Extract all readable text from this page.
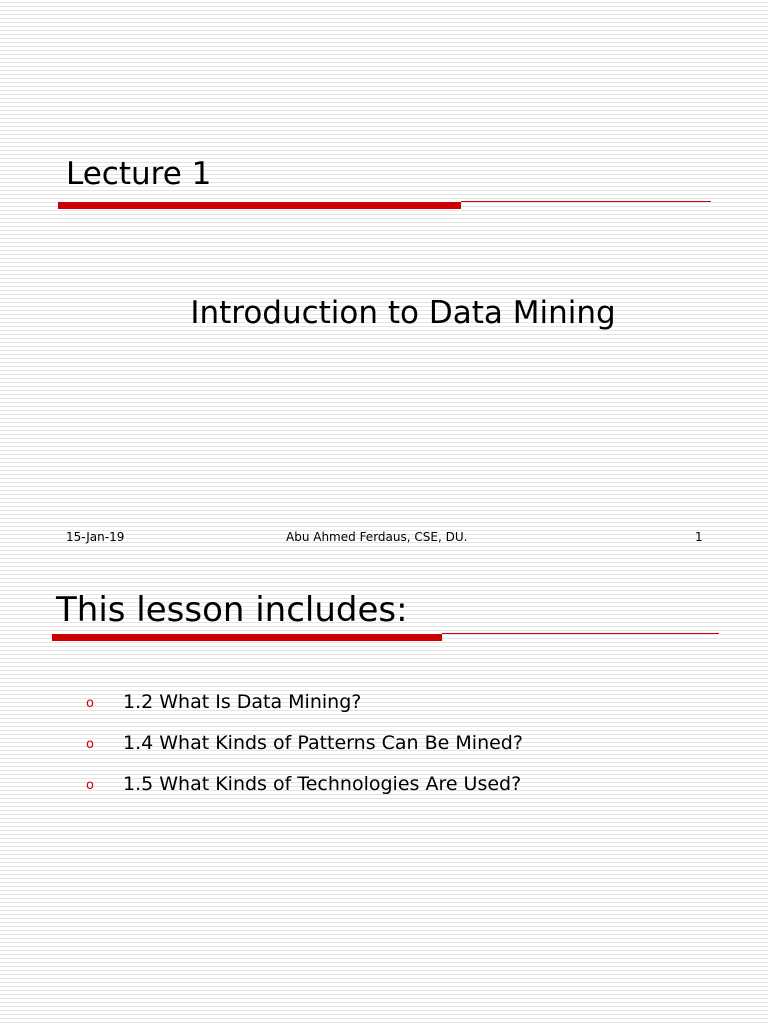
Lecture 1
Introduction to Data Mining
15-Jan-19	Abu Ahmed Ferdaus, CSE, DU.	1
This lesson includes:
o 1.2 What Is Data Mining?
o 1.4 What Kinds of Patterns Can Be Mined?
o 1.5 What Kinds of Technologies Are Used?
